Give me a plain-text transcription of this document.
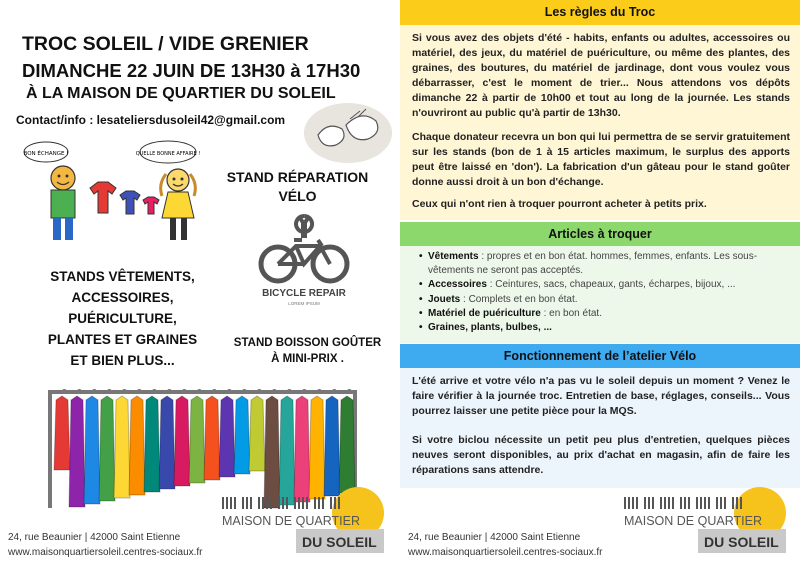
TROC SOLEIL / VIDE GRENIER
DIMANCHE 22 JUIN DE 13H30 à 17H30
À LA MAISON DE QUARTIER DU SOLEIL
Contact/info : lesateliersdusoleil42@gmail.com
BON ÉCHANGE !	QUELLE BONNE AFFAIRE !
STAND RÉPARATION
VÉLO
BICYCLE REPAIR
LOREM IPSUM
STANDS VÊTEMENTS,
ACCESSOIRES,
PUÉRICULTURE,
PLANTES ET GRAINES
ET BIEN PLUS...
STAND BOISSON GOÛTER
À MINI-PRIX .
24, rue Beaunier | 42000 Saint Etienne
www.maisonquartiersoleil.centres-sociaux.fr
MAISON DE QUARTIER
DU SOLEIL
Les règles du Troc
Si vous avez des objets d'été - habits, enfants ou adultes, accessoires ou matériel, des jeux, du matériel de puériculture, ou même des plantes, des graines, des boutures, du matériel de jardinage, dont vous voulez vous débarrasser, c'est le moment de trier... Nous attendons vos dépôts dimanche 22 à partir de 10h00 et tout au long de la journée. Les stands n'ouvriront au public qu'à partir de 13h30.
Chaque donateur recevra un bon qui lui permettra de se servir gratuitement sur les stands (bon de 1 à 15 articles maximum, le surplus des apports peut être laissé en 'don'). La fabrication d'un gâteau pour le stand goûter donne aussi droit à un bon d'échange.
Ceux qui n'ont rien à troquer pourront acheter à petits prix.
Articles à troquer
• Vêtements : propres et en bon état. hommes, femmes, enfants. Les sous-vêtements ne seront pas acceptés.
• Accessoires : Ceintures, sacs, chapeaux, gants, écharpes, bijoux, ...
• Jouets : Complets et en bon état.
• Matériel de puériculture : en bon état.
• Graines, plants, bulbes, ...
Fonctionnement de l’atelier Vélo
L'été arrive et votre vélo n'a pas vu le soleil depuis un moment ? Venez le faire vérifier à la journée troc. Entretien de base, réglages, conseils... Vous pourrez laisser une petite pièce pour la MQS.
Si votre biclou nécessite un petit peu plus d'entretien, quelques pièces neuves seront disponibles, au prix d'achat en magasin, afin de faire les réparations sans attendre.
24, rue Beaunier | 42000 Saint Etienne
www.maisonquartiersoleil.centres-sociaux.fr
MAISON DE QUARTIER
DU SOLEIL
